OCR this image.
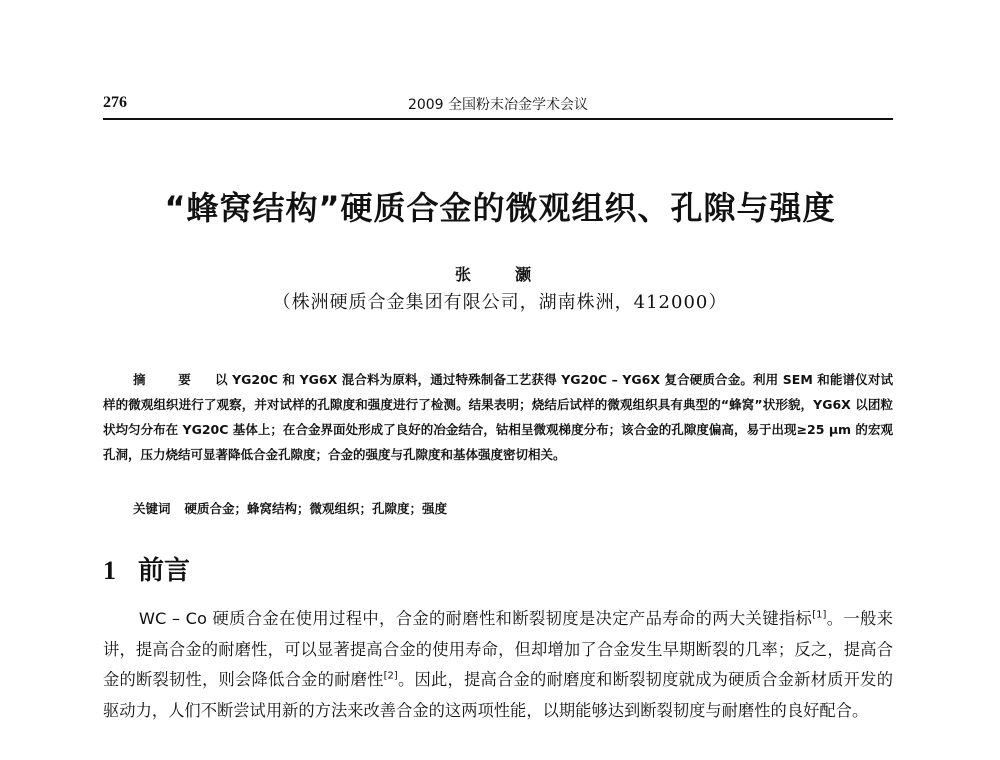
276	2009 全国粉末冶金学术会议
“蜂窝结构”硬质合金的微观组织、孔隙与强度
张　灏
（株洲硬质合金集团有限公司，湖南株洲，412000）
摘　要 以 YG20C 和 YG6X 混合料为原料，通过特殊制备工艺获得 YG20C – YG6X 复合硬质合金。利用 SEM 和能谱仪对试样的微观组织进行了观察，并对试样的孔隙度和强度进行了检测。结果表明；烧结后试样的微观组织具有典型的“蜂窝”状形貌，YG6X 以团粒状均匀分布在 YG20C 基体上；在合金界面处形成了良好的冶金结合，钴相呈微观梯度分布；该合金的孔隙度偏高，易于出现≥25 μm 的宏观孔洞，压力烧结可显著降低合金孔隙度；合金的强度与孔隙度和基体强度密切相关。
关键词 硬质合金；蜂窝结构；微观组织；孔隙度；强度
1 前言

WC – Co 硬质合金在使用过程中，合金的耐磨性和断裂韧度是决定产品寿命的两大关键指标[1]。一般来讲，提高合金的耐磨性，可以显著提高合金的使用寿命，但却增加了合金发生早期断裂的几率；反之，提高合金的断裂韧性，则会降低合金的耐磨性[2]。因此，提高合金的耐磨度和断裂韧度就成为硬质合金新材质开发的驱动力，人们不断尝试用新的方法来改善合金的这两项性能，以期能够达到断裂韧度与耐磨性的良好配合。
